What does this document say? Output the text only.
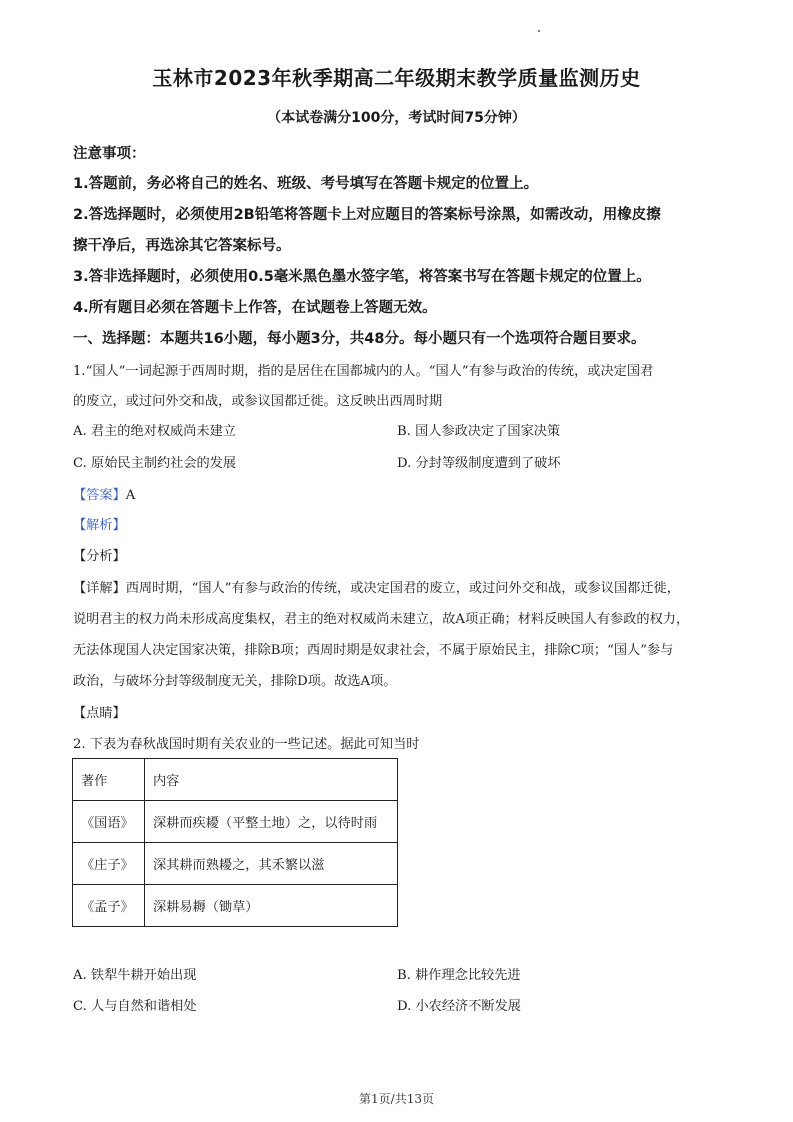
玉林市2023年秋季期高二年级期末教学质量监测历史
（本试卷满分100分，考试时间75分钟）
注意事项：
1.答题前，务必将自己的姓名、班级、考号填写在答题卡规定的位置上。
2.答选择题时，必须使用2B铅笔将答题卡上对应题目的答案标号涂黑，如需改动，用橡皮擦
擦干净后，再选涂其它答案标号。
3.答非选择题时，必须使用0.5毫米黑色墨水签字笔，将答案书写在答题卡规定的位置上。
4.所有题目必须在答题卡上作答，在试题卷上答题无效。
一、选择题：本题共16小题，每小题3分，共48分。每小题只有一个选项符合题目要求。
1.“国人”一词起源于西周时期，指的是居住在国都城内的人。“国人”有参与政治的传统，或决定国君
的废立，或过问外交和战，或参议国都迁徙。这反映出西周时期
A. 君主的绝对权威尚未建立	B. 国人参政决定了国家决策
C. 原始民主制约社会的发展	D. 分封等级制度遭到了破坏
【答案】A
【解析】
【分析】
【详解】西周时期，“国人”有参与政治的传统，或决定国君的废立，或过问外交和战，或参议国都迁徙，
说明君主的权力尚未形成高度集权，君主的绝对权威尚未建立，故A项正确；材料反映国人有参政的权力，
无法体现国人决定国家决策，排除B项；西周时期是奴隶社会，不属于原始民主，排除C项；“国人”参与
政治，与破坏分封等级制度无关，排除D项。故选A项。
【点睛】
2. 下表为春秋战国时期有关农业的一些记述。据此可知当时
著作	内容
《国语》	深耕而疾耰（平整土地）之，以待时雨
《庄子》	深其耕而熟耰之，其禾繁以滋
《孟子》	深耕易耨（锄草）
A. 铁犁牛耕开始出现	B. 耕作理念比较先进
C. 人与自然和谐相处	D. 小农经济不断发展
第1页/共13页
